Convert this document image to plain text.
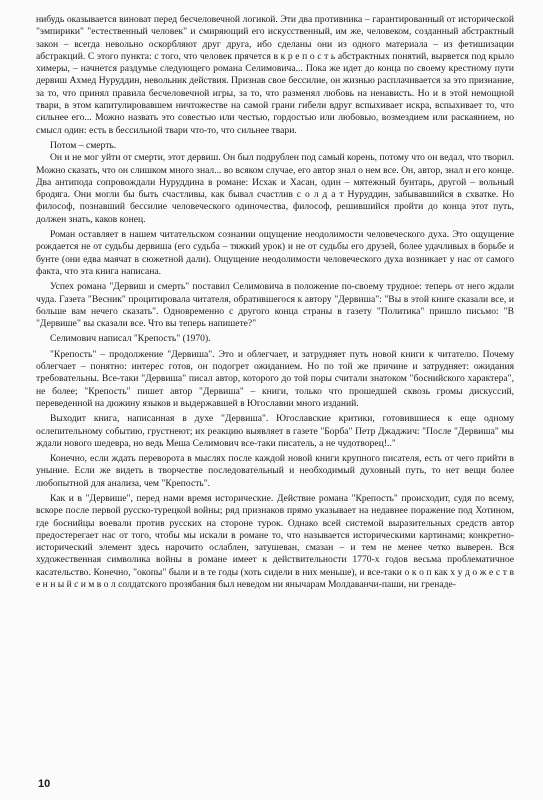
нибудь оказывается виноват перед бесчеловечной логикой. Эти два противника – гарантированный от исторической "эмпирики" "естественный человек" и смиряющий его искусственный, им же, человеком, созданный абстрактный закон – всегда невольно оскорбляют друг друга, ибо сделаны они из одного материала – из фетишизации абстракций. С этого пункта: с того, что человек прячется в к р е п о с т ь абстрактных понятий, вырвется под крыло химеры, – начнется раздумье следующего романа Селимовича... Пока же идет до конца по своему крестному пути дервиш Ахмед Нуруддин, невольник действия. Признав свое бессилие, он жизнью расплачивается за это признание, за то, что принял правила бесчеловечной игры, за то, что разменял любовь на ненависть. Но и в этой немощной твари, в этом капитулировавшем ничтожестве на самой грани гибели вдруг вспыхивает искра, вспыхивает то, что сильнее его... Можно назвать это совестью или честью, гордостью или любовью, возмездием или раскаянием, но смысл один: есть в бессильной твари что-то, что сильнее твари.

Потом – смерть.

Он и не мог уйти от смерти, этот дервиш. Он был подрублен под самый корень, потому что он ведал, что творил. Можно сказать, что он слишком много знал... во всяком случае, его автор знал о нем все. Он, автор, знал и его конце. Два антипода сопровождали Нуруддина в романе: Исхак и Хасан, один – мятежный бунтарь, другой – вольный бродяга. Они могли бы быть счастливы, как бывал счастлив с о л д а т Нуруддин, забывавшийся в схватке. Но философ, познавший бессилие человеческого одиночества, философ, решившийся пройти до конца этот путь, должен знать, каков конец.

Роман оставляет в нашем читательском сознании ощущение неодолимости человеческого духа. Это ощущение рождается не от судьбы дервиша (его судьба – тяжкий урок) и не от судьбы его друзей, более удачливых в борьбе и бунте (они едва маячат в сюжетной дали). Ощущение неодолимости человеческого духа возникает у нас от самого факта, что эта книга написана.

Успех романа "Дервиш и смерть" поставил Селимовича в положение по-своему трудное: теперь от него ждали чуда. Газета "Весник" процитировала читателя, обратившегося к автору "Дервиша": "Вы в этой книге сказали все, и больше вам нечего сказать". Одновременно с другого конца страны в газету "Политика" пришло письмо: "В "Дервише" вы сказали все. Что вы теперь напишете?"

Селимович написал "Крепость" (1970).

"Крепость" – продолжение "Дервиша". Это и облегчает, и затрудняет путь новой книги к читателю. Почему облегчает – понятно: интерес готов, он подогрет ожиданием. Но по той же причине и затрудняет: ожидания требовательны. Все-таки "Дервиша" писал автор, которого до той поры считали знатоком "боснийского характера", не более; "Крепость" пишет автор "Дервиша" – книги, только что прошедшей сквозь громы дискуссий, переведенной на дюжину языков и выдержавшей в Югославии много изданий.

Выходит книга, написанная в духе "Дервиша". Югославские критики, готовившиеся к еще одному ослепительному событию, грустнеют; их реакцию выявляет в газете "Борба" Петр Джаджич: "После "Дервиша" мы ждали нового шедевра, но ведь Меша Селимович все-таки писатель, а не чудотворец!.."

Конечно, если ждать переворота в мыслях после каждой новой книги крупного писателя, есть от чего прийти в уныние. Если же видеть в творчестве последовательный и необходимый духовный путь, то нет вещи более любопытной для анализа, чем "Крепость".

Как и в "Дервише", перед нами время исторические. Действие романа "Крепость" происходит, судя по всему, вскоре после первой русско-турецкой войны; ряд признаков прямо указывает на недавнее поражение под Хотином, где боснийцы воевали против русских на стороне турок. Однако всей системой выразительных средств автор предостерегает нас от того, чтобы мы искали в романе то, что называется историческими картинами; конкретно-исторический элемент здесь нарочито ослаблен, затушеван, смазан – и тем не менее четко выверен. Вся художественная символика войны в романе имеет к действительности 1770-х годов весьма проблематичное касательство. Конечно, "окопы" были и в те годы (хоть сидели в них меньше), и все-таки о к о п как х у д о ж е с т в е н н ы й с и м в о л солдатского прозябания был неведом ни янычарам Молдаванчи-паши, ни гренаде-

10
